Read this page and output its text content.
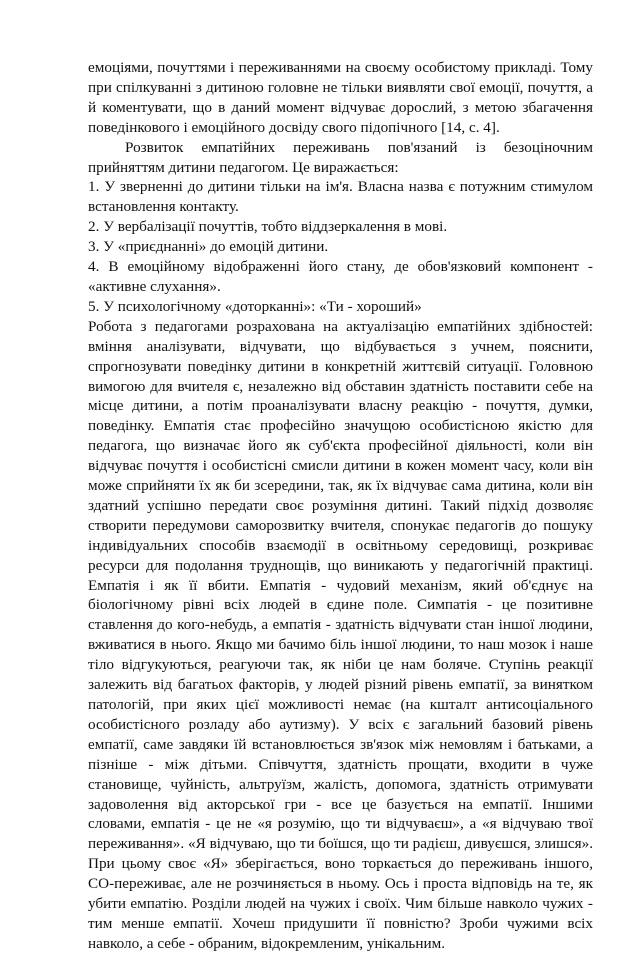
емоціями, почуттями і переживаннями на своєму особистому прикладі. Тому при спілкуванні з дитиною головне не тільки виявляти свої емоції, почуття, а й коментувати, що в даний момент відчуває дорослий, з метою збагачення поведінкового і емоційного досвіду свого підопічного [14, с. 4].

Розвиток емпатійних переживань пов'язаний із безоціночним прийняттям дитини педагогом. Це виражається:

1. У зверненні до дитини тільки на ім'я. Власна назва є потужним стимулом встановлення контакту.

2. У вербалізації почуттів, тобто віддзеркалення в мові.

3. У «приєднанні» до емоцій дитини.

4. В емоційному відображенні його стану, де обов'язковий компонент - «активне слухання».

5. У психологічному «доторканні»: «Ти - хороший»

Робота з педагогами розрахована на актуалізацію емпатійних здібностей: вміння аналізувати, відчувати, що відбувається з учнем, пояснити, спрогнозувати поведінку дитини в конкретній життєвій ситуації. Головною вимогою для вчителя є, незалежно від обставин здатність поставити себе на місце дитини, а потім проаналізувати власну реакцію - почуття, думки, поведінку. Емпатія стає професійно значущою особистісною якістю для педагога, що визначає його як суб'єкта професійної діяльності, коли він відчуває почуття і особистісні смисли дитини в кожен момент часу, коли він може сприйняти їх як би зсередини, так, як їх відчуває сама дитина, коли він здатний успішно передати своє розуміння дитині. Такий підхід дозволяє створити передумови саморозвитку вчителя, спонукає педагогів до пошуку індивідуальних способів взаємодії в освітньому середовищі, розкриває ресурси для подолання труднощів, що виникають у педагогічній практиці. Емпатія і як її вбити. Емпатія - чудовий механізм, який об'єднує на біологічному рівні всіх людей в єдине поле. Симпатія - це позитивне ставлення до кого-небудь, а емпатія - здатність відчувати стан іншої людини, вживатися в нього. Якщо ми бачимо біль іншої людини, то наш мозок і наше тіло відгукуються, реагуючи так, як ніби це нам боляче. Ступінь реакції залежить від багатьох факторів, у людей різний рівень емпатії, за винятком патологій, при яких цієї можливості немає (на кшталт антисоціального особистісного розладу або аутизму). У всіх є загальний базовий рівень емпатії, саме завдяки їй встановлюється зв'язок між немовлям і батьками, а пізніше - між дітьми. Співчуття, здатність прощати, входити в чуже становище, чуйність, альтруїзм, жалість, допомога, здатність отримувати задоволення від акторської гри - все це базується на емпатії. Іншими словами, емпатія - це не «я розумію, що ти відчуваєш», а «я відчуваю твої переживання». «Я відчуваю, що ти боїшся, що ти радієш, дивуєшся, злишся». При цьому своє «Я» зберігається, воно торкається до переживань іншого, СО-переживає, але не розчиняється в ньому. Ось і проста відповідь на те, як убити емпатію. Розділи людей на чужих і своїх. Чим більше навколо чужих - тим менше емпатії. Хочеш придушити її повністю? Зроби чужими всіх навколо, а себе - обраним, відокремленим, унікальним.
